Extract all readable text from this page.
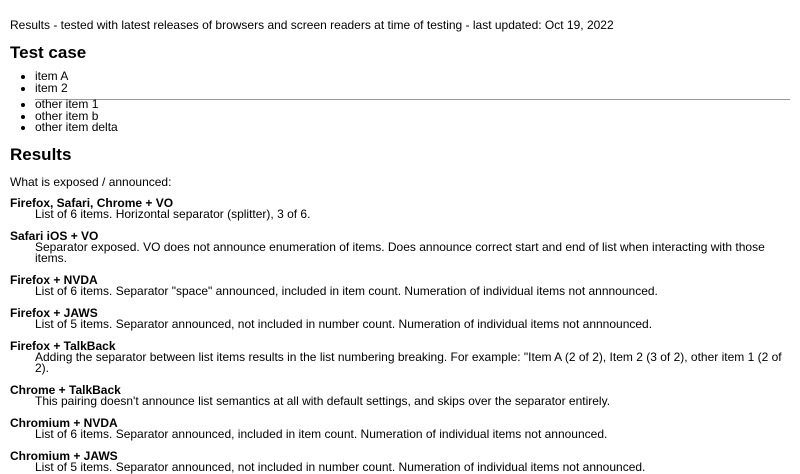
Results - tested with latest releases of browsers and screen readers at time of testing - last updated: Oct 19, 2022

Test case
• item A
• item 2
• other item 1
• other item b
• other item delta
Results

What is exposed / announced:

Firefox, Safari, Chrome + VO
List of 6 items. Horizontal separator (splitter), 3 of 6.
Safari iOS + VO
Separator exposed. VO does not announce enumeration of items. Does announce correct start and end of list when interacting with those items.
Firefox + NVDA
List of 6 items. Separator "space" announced, included in item count. Numeration of individual items not annnounced.
Firefox + JAWS
List of 5 items. Separator announced, not included in number count. Numeration of individual items not annnounced.
Firefox + TalkBack
Adding the separator between list items results in the list numbering breaking. For example: "Item A (2 of 2), Item 2 (3 of 2), other item 1 (2 of 2).
Chrome + TalkBack
This pairing doesn't announce list semantics at all with default settings, and skips over the separator entirely.
Chromium + NVDA
List of 6 items. Separator announced, included in item count. Numeration of individual items not announced.
Chromium + JAWS
List of 5 items. Separator announced, not included in number count. Numeration of individual items not announced.
